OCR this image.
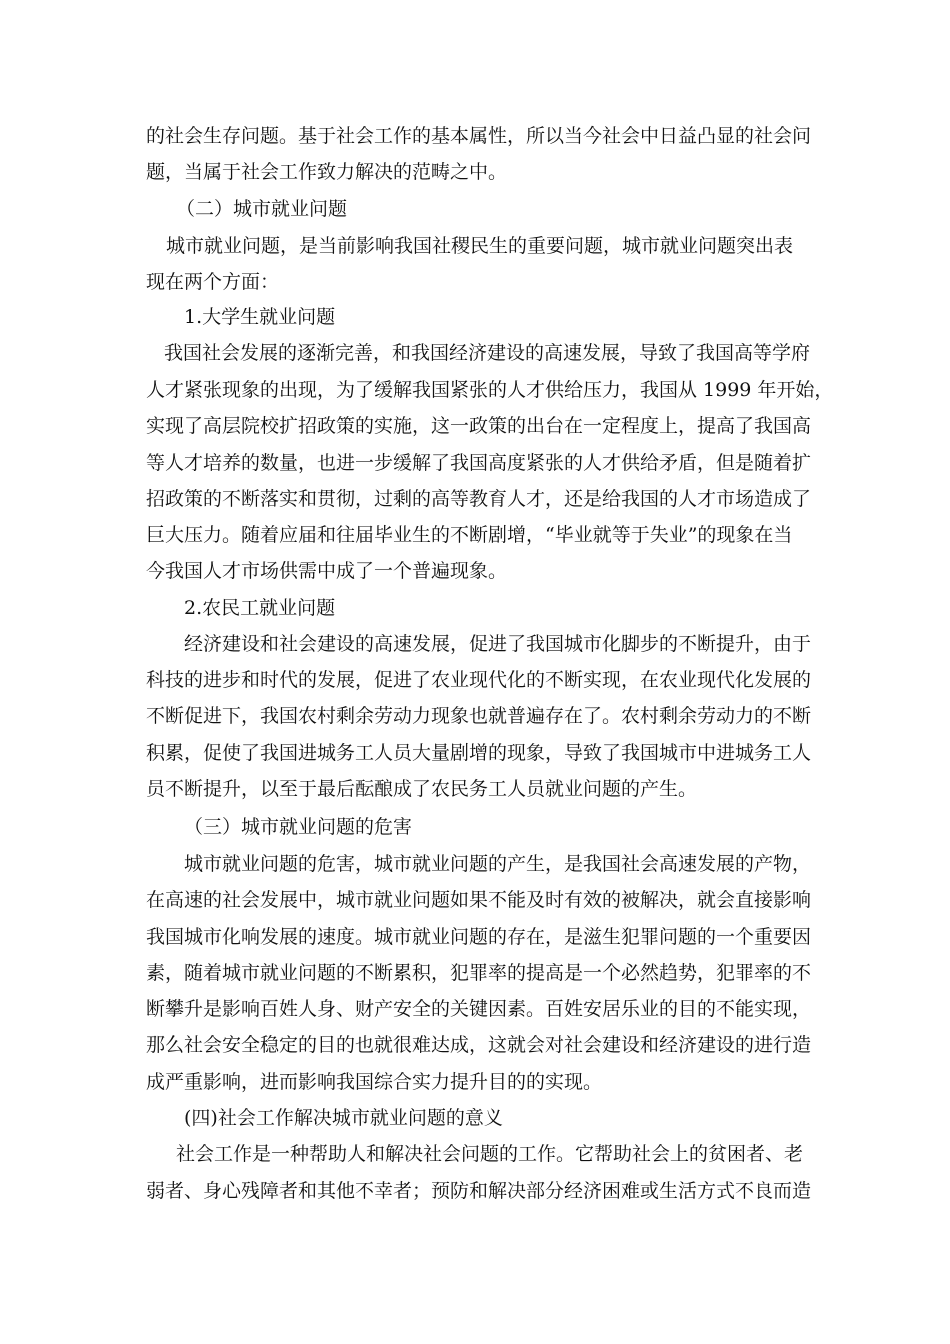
的社会生存问题。基于社会工作的基本属性，所以当今社会中日益凸显的社会问
题，当属于社会工作致力解决的范畴之中。
（二）城市就业问题
城市就业问题，是当前影响我国社稷民生的重要问题，城市就业问题突出表
现在两个方面：
1.大学生就业问题
我国社会发展的逐渐完善，和我国经济建设的高速发展，导致了我国高等学府
人才紧张现象的出现，为了缓解我国紧张的人才供给压力，我国从 1999 年开始，
实现了高层院校扩招政策的实施，这一政策的出台在一定程度上，提高了我国高
等人才培养的数量，也进一步缓解了我国高度紧张的人才供给矛盾，但是随着扩
招政策的不断落实和贯彻，过剩的高等教育人才，还是给我国的人才市场造成了
巨大压力。随着应届和往届毕业生的不断剧增，“毕业就等于失业”的现象在当
今我国人才市场供需中成了一个普遍现象。
2.农民工就业问题
经济建设和社会建设的高速发展，促进了我国城市化脚步的不断提升，由于
科技的进步和时代的发展，促进了农业现代化的不断实现，在农业现代化发展的
不断促进下，我国农村剩余劳动力现象也就普遍存在了。农村剩余劳动力的不断
积累，促使了我国进城务工人员大量剧增的现象，导致了我国城市中进城务工人
员不断提升，以至于最后酝酿成了农民务工人员就业问题的产生。
（三）城市就业问题的危害
城市就业问题的危害，城市就业问题的产生，是我国社会高速发展的产物，
在高速的社会发展中，城市就业问题如果不能及时有效的被解决，就会直接影响
我国城市化响发展的速度。城市就业问题的存在，是滋生犯罪问题的一个重要因
素，随着城市就业问题的不断累积，犯罪率的提高是一个必然趋势，犯罪率的不
断攀升是影响百姓人身、财产安全的关键因素。百姓安居乐业的目的不能实现，
那么社会安全稳定的目的也就很难达成，这就会对社会建设和经济建设的进行造
成严重影响，进而影响我国综合实力提升目的的实现。
(四)社会工作解决城市就业问题的意义
社会工作是一种帮助人和解决社会问题的工作。它帮助社会上的贫困者、老
弱者、身心残障者和其他不幸者；预防和解决部分经济困难或生活方式不良而造
